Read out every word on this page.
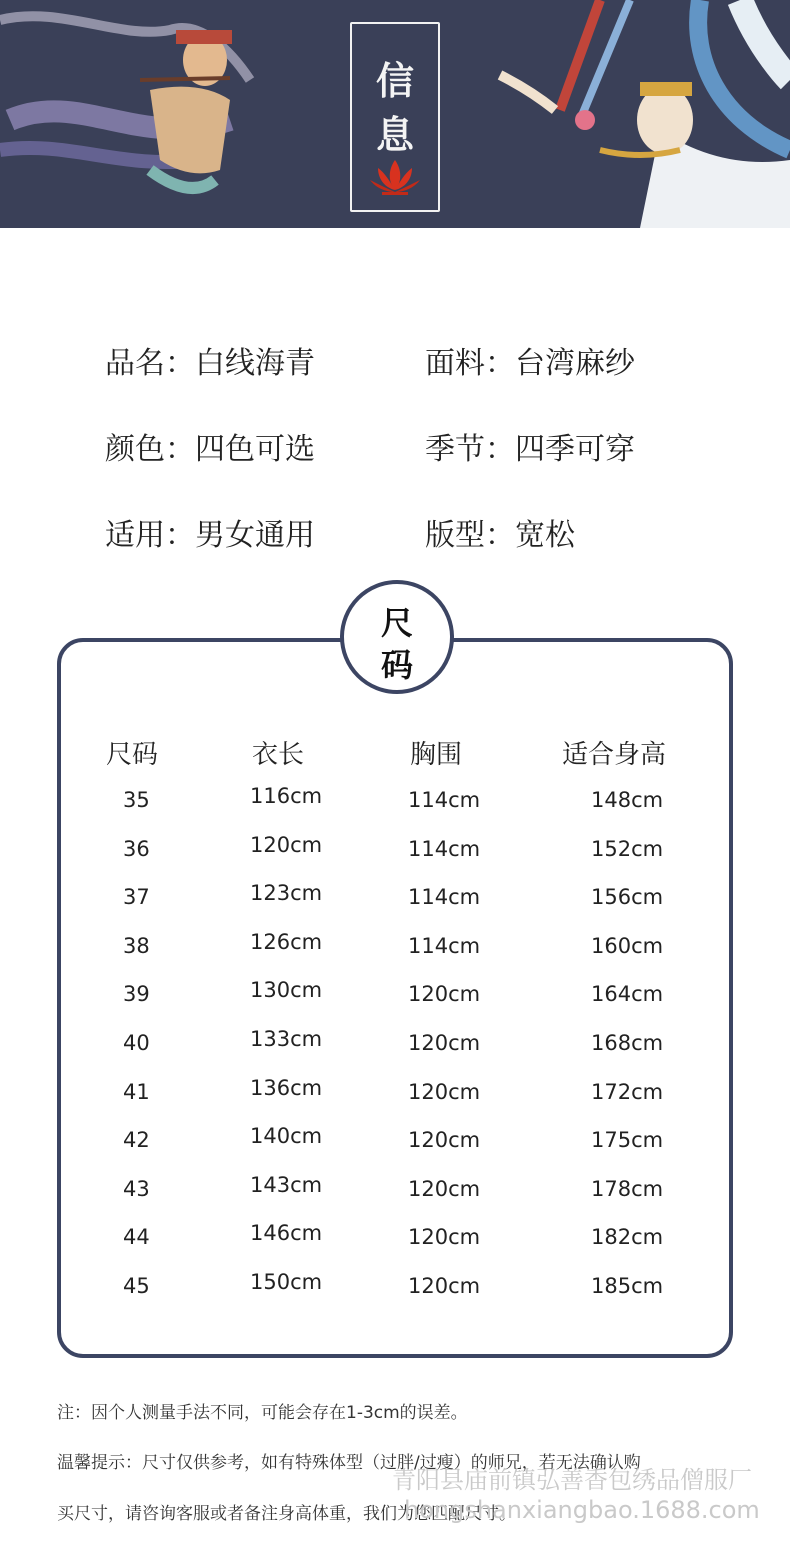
信
息
品名：白线海青	面料：台湾麻纱
颜色：四色可选	季节：四季可穿
适用：男女通用	版型：宽松
尺
码
尺码	衣长	胸围	适合身高
35	116cm	114cm	148cm
36	120cm	114cm	152cm
37	123cm	114cm	156cm
38	126cm	114cm	160cm
39	130cm	120cm	164cm
40	133cm	120cm	168cm
41	136cm	120cm	172cm
42	140cm	120cm	175cm
43	143cm	120cm	178cm
44	146cm	120cm	182cm
45	150cm	120cm	185cm
注：因个人测量手法不同，可能会存在1-3cm的误差。
温馨提示：尺寸仅供参考，如有特殊体型（过胖/过瘦）的师兄，若无法确认购
买尺寸，请咨询客服或者备注身高体重，我们为您匹配尺寸。
青阳县庙前镇弘善香包绣品僧服厂
hongshanxiangbao.1688.com
